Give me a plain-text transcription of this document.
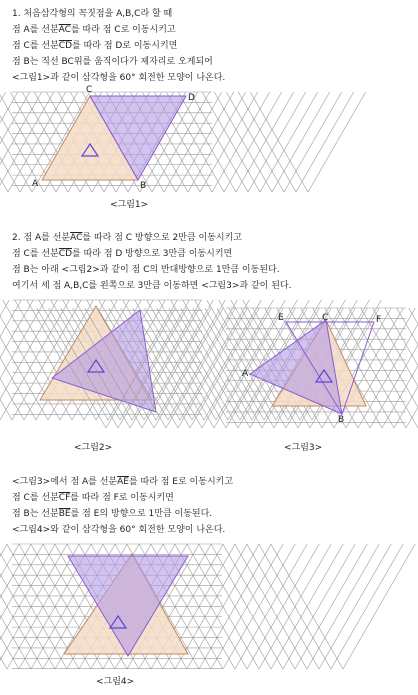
1. 처음삼각형의 꼭짓점을 A,B,C라 할 때
점 A를 선분$\overline{AC}$를 따라 점 C로 이동시키고
점 C를 선분$\overline{CD}$를 따라 점 D로 이동시키면
점 B는 직선 BC위를 움직이다가 제자리로 오게되어
<그림1>과 같이 삼각형을 60° 회전한 모양이 나온다.
A	B
C
D
<그림1>
2. 점 A를 선분$\overline{AC}$를 따라 점 C 방향으로 2만큼 이동시키고
점 C를 선분$\overline{CD}$를 따라 점 D 방향으로 3만큼 이동시키면
점 B는 아래 <그림2>과 같이 점 C의 반대방향으로 1만큼 이동된다.
여기서 세 점 A,B,C를 왼쪽으로 3만큼 이동하면 <그림3>과 같이 된다.
<그림2>
A
B
C
E	F
<그림3>
<그림3>에서 점 A를 선분$\overline{AE}$를 따라 점 E로 이동시키고
점 C를 선분$\overline{CF}$를 따라 점 F로 이동시키면
점 B는 선분$\overline{BE}$를 점 E의 방향으로 1만큼 이동된다.
<그림4>와 같이 삼각형을 60° 회전한 모양이 나온다.
<그림4>
